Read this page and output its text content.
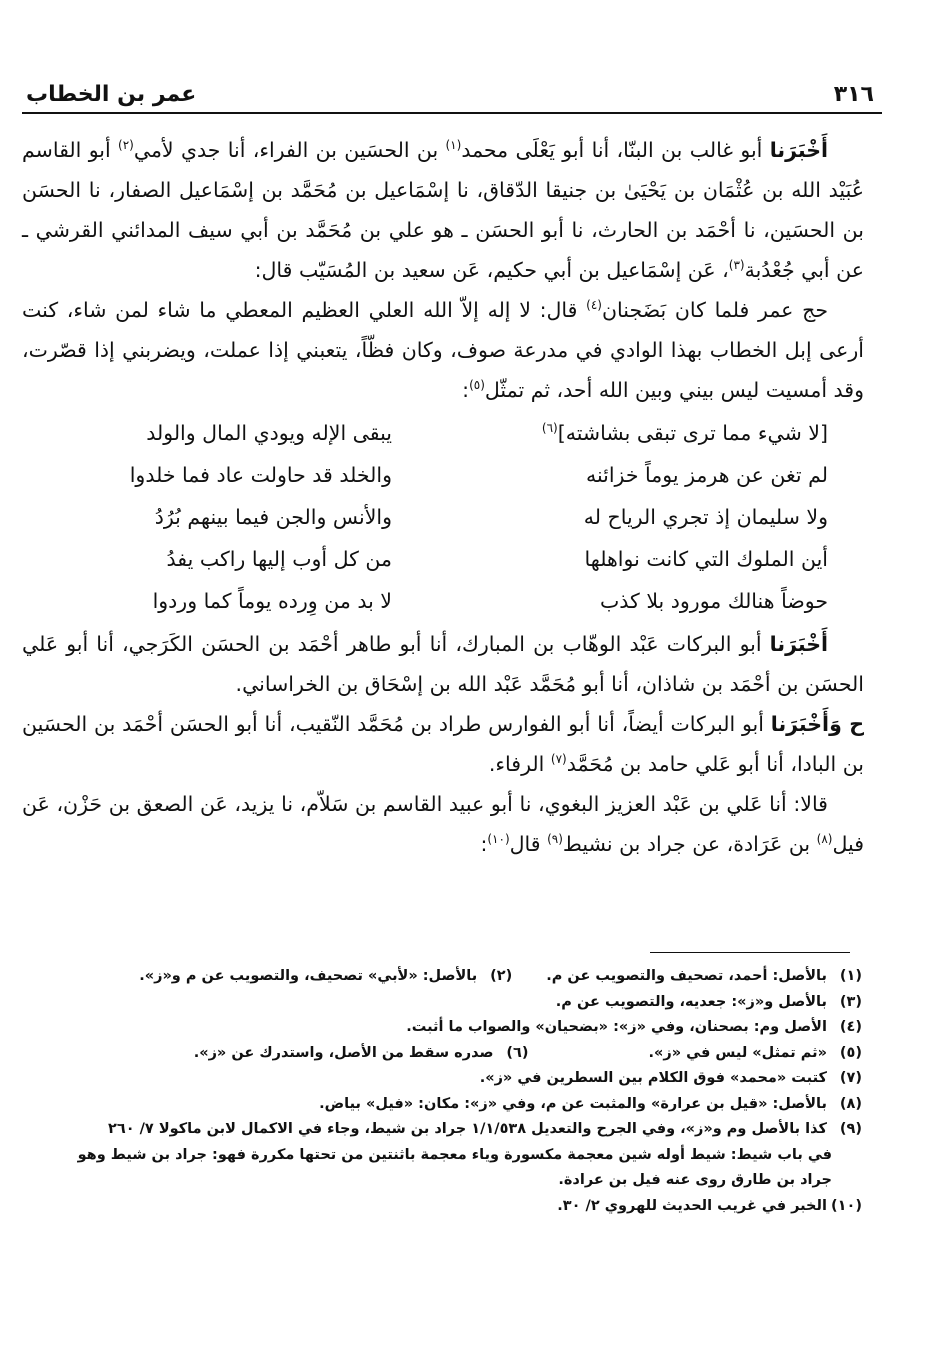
٣١٦
عمر بن الخطاب

أَخْبَرَنا أبو غالب بن البنّا، أنا أبو يَعْلَى محمد$^{(١)}$ بن الحسَين بن الفراء، أنا جدي لأمي$^{(٢)}$ أبو القاسم عُبَيْد الله بن عُثْمَان بن يَحْيَىٰ بن جنيقا الدّقاق، نا إسْمَاعيل بن مُحَمَّد بن إسْمَاعيل الصفار، نا الحسَن بن الحسَين، نا أحْمَد بن الحارث، نا أبو الحسَن ـ هو علي بن مُحَمَّد بن أبي سيف المدائني القرشي ـ عن أبي جُعْدُبة$^{(٣)}$، عَن إسْمَاعيل بن أبي حكيم، عَن سعيد بن المُسَيّب قال:

حج عمر فلما كان بَضَجنان$^{(٤)}$ قال: لا إله إلاّ الله العلي العظيم المعطي ما شاء لمن شاء، كنت أرعى إبل الخطاب بهذا الوادي في مدرعة صوف، وكان فظّاً، يتعبني إذا عملت، ويضربني إذا قصّرت، وقد أمسيت ليس بيني وبين الله أحد، ثم تمثّل$^{(٥)}$:

[لا شيء مما ترى تبقى بشاشته]$^{(٦)}$
يبقى الإله ويودي المال والولد
لم تغن عن هرمز يوماً خزائنه
والخلد قد حاولت عاد فما خلدوا
ولا سليمان إذ تجري الرياح له
والأنس والجن فيما بينهم بُرُدُ
أين الملوك التي كانت نواهلها
من كل أوب إليها راكب يفدُ
حوضاً هنالك مورود بلا كذب
لا بد من وِرده يوماً كما وردوا

أَخْبَرَنا أبو البركات عَبْد الوهّاب بن المبارك، أنا أبو طاهر أحْمَد بن الحسَن الكَرَجي، أنا أبو عَلي الحسَن بن أحْمَد بن شاذان، أنا أبو مُحَمَّد عَبْد الله بن إسْحَاق بن الخراساني.

ح وَأَخْبَرَنا أبو البركات أيضاً، أنا أبو الفوارس طراد بن مُحَمَّد النّقيب، أنا أبو الحسَن أحْمَد بن الحسَين بن البادا، أنا أبو عَلي حامد بن مُحَمَّد$^{(٧)}$ الرفاء.

قالا: أنا عَلي بن عَبْد العزيز البغوي، نا أبو عبيد القاسم بن سَلاّم، نا يزيد، عَن الصعق بن حَزْن، عَن فيل$^{(٨)}$ بن عَرَادة، عن جراد بن نشيط$^{(٩)}$ قال$^{(١٠)}$:

(١)

بالأصل: أحمد، تصحيف والتصويب عن م.
(٢)

بالأصل: «لأبي» تصحيف، والتصويب عن م و«ز».
(٣)

بالأصل و«ز»: جعديه، والتصويب عن م.
(٤)

الأصل وم: بصحنان، وفي «ز»: «بضحيان» والصواب ما أثبت.
(٥)

«ثم تمثل» ليس في «ز».
(٦)

صدره سقط من الأصل، واستدرك عن «ز».
(٧)

كتبت «محمد» فوق الكلام بين السطرين في «ز».
(٨)

بالأصل: «قيل بن عرارة» والمثبت عن م، وفي «ز»: مكان: «فيل» بياض.
(٩)

كذا بالأصل وم و«ز»، وفي الجرح والتعديل ١/١/٥٣٨ جراد بن شيط، وجاء في الاكمال لابن ماكولا ٧/ ٢٦٠
في باب شيط: شيط أوله شين معجمة مكسورة وياء معجمة باثنتين من تحتها مكررة فهو: جراد بن شيط وهو
جراد بن طارق روى عنه فيل بن عرادة.
(١٠)

الخبر في غريب الحديث للهروي ٢/ ٣٠.
